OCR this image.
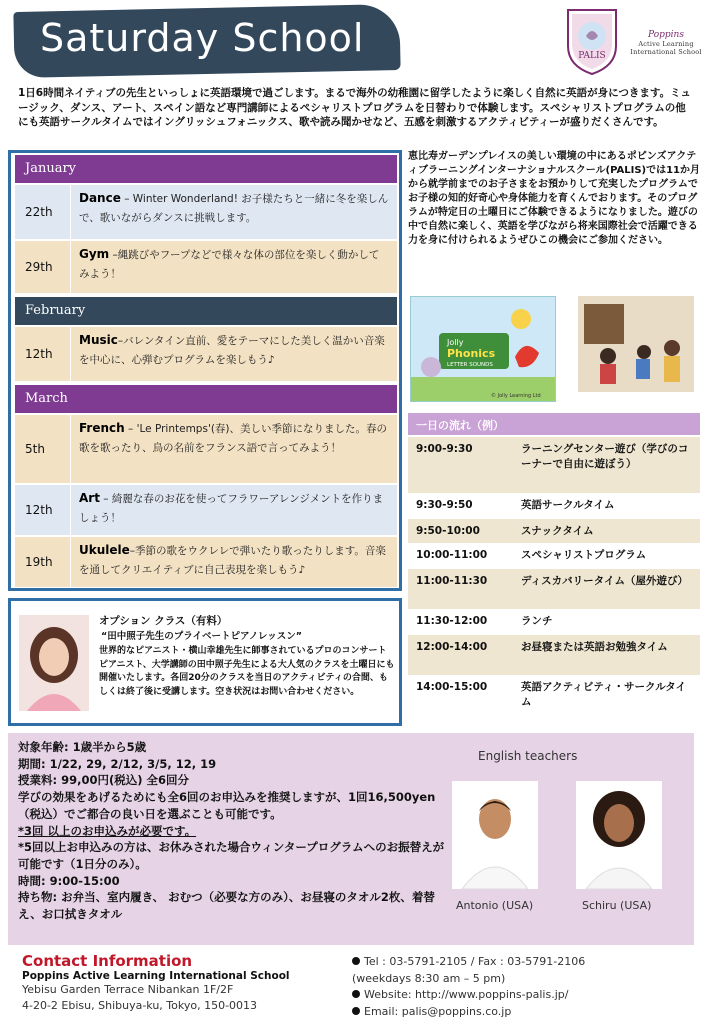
Saturday School	PALIS
Poppins
Active Learning
International School
1日6時間ネイティブの先生といっしょに英語環境で過ごします。まるで海外の幼稚園に留学したように楽しく自然に英語が身につきます。ミュージック、ダンス、アート、スペイン語など専門講師によるペシャリストプログラムを日替わりで体験します。スペシャリストプログラムの他にも英語サークルタイムではイングリッシュフォニックス、歌や読み聞かせなど、五感を刺激するアクティビティーが盛りだくさんです。
January
22th
Dance – Winter Wonderland! お子様たちと一緒に冬を楽しんで、歌いながらダンスに挑戦します。
29th
Gym –縄跳びやフープなどで様々な体の部位を楽しく動かしてみよう！
February
12th
Music–バレンタイン直前、愛をテーマにした美しく温かい音楽を中心に、心弾むプログラムを楽しもう♪
March
5th
French – 'Le Printemps'(春)、美しい季節になりました。春の歌を歌ったり、鳥の名前をフランス語で言ってみよう！
12th
Art – 綺麗な春のお花を使ってフラワーアレンジメントを作りましょう！
19th
Ukulele–季節の歌をウクレレで弾いたり歌ったりします。音楽を通してクリエイティブに自己表現を楽しもう♪
恵比寿ガーデンプレイスの美しい環境の中にあるポピンズアクティブラーニングインターナショナルスクール(PALIS)では11か月から就学前までのお子さまをお預かりして充実したプログラムでお子様の知的好奇心や身体能力を育くんでおります。そのプログラムが特定日の土曜日にご体験できるようになりました。遊びの中で自然に楽しく、英語を学びながら将来国際社会で活躍できる力を身に付けられるようぜひこの機会にご参加ください。
Jolly
Phonics
LETTER SOUNDS
© Jolly Learning Ltd
一日の流れ（例）
9:00-9:30	ラーニングセンター遊び（学びのコーナーで自由に遊ぼう）
9:30-9:50	英語サークルタイム
9:50-10:00	スナックタイム
10:00-11:00	スペシャリストプログラム
11:00-11:30	ディスカバリータイム（屋外遊び）
11:30-12:00	ランチ
12:00-14:00	お昼寝または英語お勉強タイム
14:00-15:00	英語アクティビティ・サークルタイム
オプション クラス（有料）
“田中照子先生のプライベートピアノレッスン”
世界的なピアニスト・横山幸雄先生に師事されているプロのコンサートピアニスト、大学講師の田中照子先生による大人気のクラスを土曜日にも開催いたします。各回20分のクラスを当日のアクティビティの合間、もしくは終了後に受講します。空き状況はお問い合わせください。
対象年齢: 1歳半から5歳
期間: 1/22, 29, 2/12, 3/5, 12, 19
授業料: 99,00円(税込) 全6回分
学びの効果をあげるためにも全6回のお申込みを推奨しますが、1回16,500yen（税込）でご都合の良い日を選ぶことも可能です。
*3回 以上のお申込みが必要です。
*5回以上お申込みの方は、お休みされた場合ウィンタープログラムへのお振替えが可能です（1日分のみ）。
時間: 9:00-15:00
持ち物: お弁当、室内履き、 おむつ（必要な方のみ）、お昼寝のタオル2枚、着替え、お口拭きタオル
English teachers
Antonio (USA)	Schiru (USA)
Contact Information
Poppins Active Learning International School
Yebisu Garden Terrace Nibankan 1F/2F
4-20-2 Ebisu, Shibuya-ku, Tokyo, 150-0013
Tel : 03-5791-2105 / Fax : 03-5791-2106
(weekdays 8:30 am – 5 pm)
Website: http://www.poppins-palis.jp/
Email: palis@poppins.co.jp
